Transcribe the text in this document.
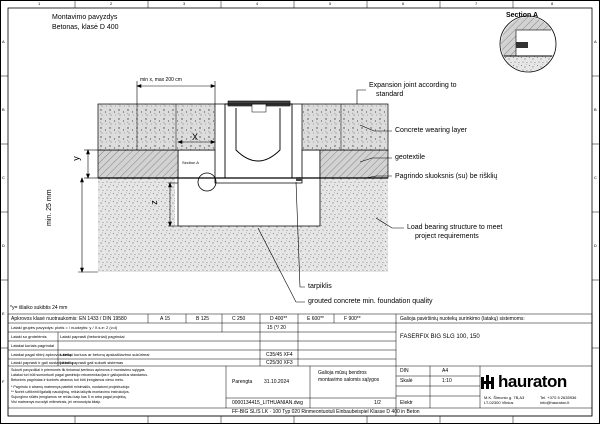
1	2	3	4	5	6	7	8
A
B
C
D
E
F
A
B
C
D
Montavimo pavyzdys
Betonas, klasė D 400
Section A
min x, max 200 cm
Expansion joint according to
standard
Concrete wearing layer
geotextile
Pagrindo sluoksnis (su) be rišklių
Load bearing structure to meet
project requirements
tarpiklis
grouted concrete min. foundation quality
X
y
z
min. 25 mm
Section A
*y= išlaiko sukibtis 24 mm
Apkrovos klasė nuotraukomis: EN 1433 / DIN 19580	A 15	B 125	C 250	D 400**	E 600**	F 900**	Galioja paviršinių nuotekų surinkimo (latakų) sistemoms:
Lataki grupės pavyzdys: plotis = / nuokrytis: y / X.s.e: 2 (v.d)	15 (*/ 20
FASERFIX BIG SLG 100, 150
Lataki su grotelėmis	Lataki paprasti (betoniniai) pagrindai
Latakai kuriais pagrindai
Latakai pagal ribinį apkrovos kelią
Latakai kuriuos ar betonų apskaičiavimo sukūrimai	C35/45 XF4
C25/30 XF3
Lataki paprasti ir gali nustatyti kelią
Lataki paprasti gali sukurti sistemas
Sukurti pavyzdžiai ir priemonės tik tinkamai įvertinus apkrovos ir montavimo sąlygas.
Latakai turi būti sumontuoti pagal gamintojo rekomendacijas ir galiojančius standartus.
Betoninis pagrindas ir šoninės atramos turi būti įrengiamos vienu metu.
* Pagrindo ir atramų matmenys pateikti minimalūs, nustatomi projektuotojo.
** Norint užtikrinti ilgalaikį naudojimą, reikia laikytis montavimo instrukcijos.
Sujungimo siūlės įrengiamos ne rečiau kaip kas 5 m arba pagal projektą.
Visi matmenys nurodyti milimetrais, jei nenurodyta kitaip.
Parengta 31.10.2024
Galioja mūsų bendros
montavimo salomis sąlygos
0000134415_LITHUANIAN.dwg	1/2
DIN	A4
Skalė	1:10
Elektr
M.K. Šimonio g. 7B,A3
LT-02300 Vilnius
Tel. +370 5 2635936
info@hauraton.lt
FF-BIG SL/S LK · 100 Typ 020 Rinmeontuotuli Einbaubeispiel Klasse D 400 in Beton
hauraton
